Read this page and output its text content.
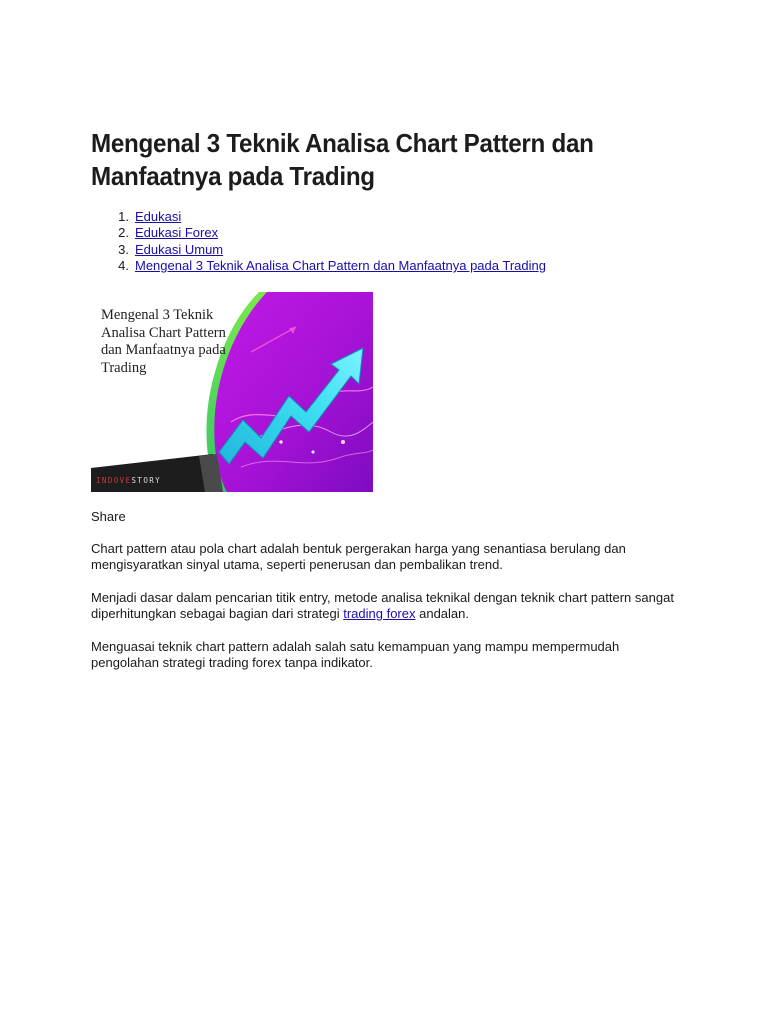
Mengenal 3 Teknik Analisa Chart Pattern dan Manfaatnya pada Trading
1. Edukasi
2. Edukasi Forex
3. Edukasi Umum
4. Mengenal 3 Teknik Analisa Chart Pattern dan Manfaatnya pada Trading
Mengenal 3 Teknik
Analisa Chart Pattern
dan Manfaatnya pada
Trading
INDOVESTORY

Share

Chart pattern atau pola chart adalah bentuk pergerakan harga yang senantiasa berulang dan mengisyaratkan sinyal utama, seperti penerusan dan pembalikan trend.

Menjadi dasar dalam pencarian titik entry, metode analisa teknikal dengan teknik chart pattern sangat diperhitungkan sebagai bagian dari strategi trading forex andalan.

Menguasai teknik chart pattern adalah salah satu kemampuan yang mampu mempermudah pengolahan strategi trading forex tanpa indikator.
